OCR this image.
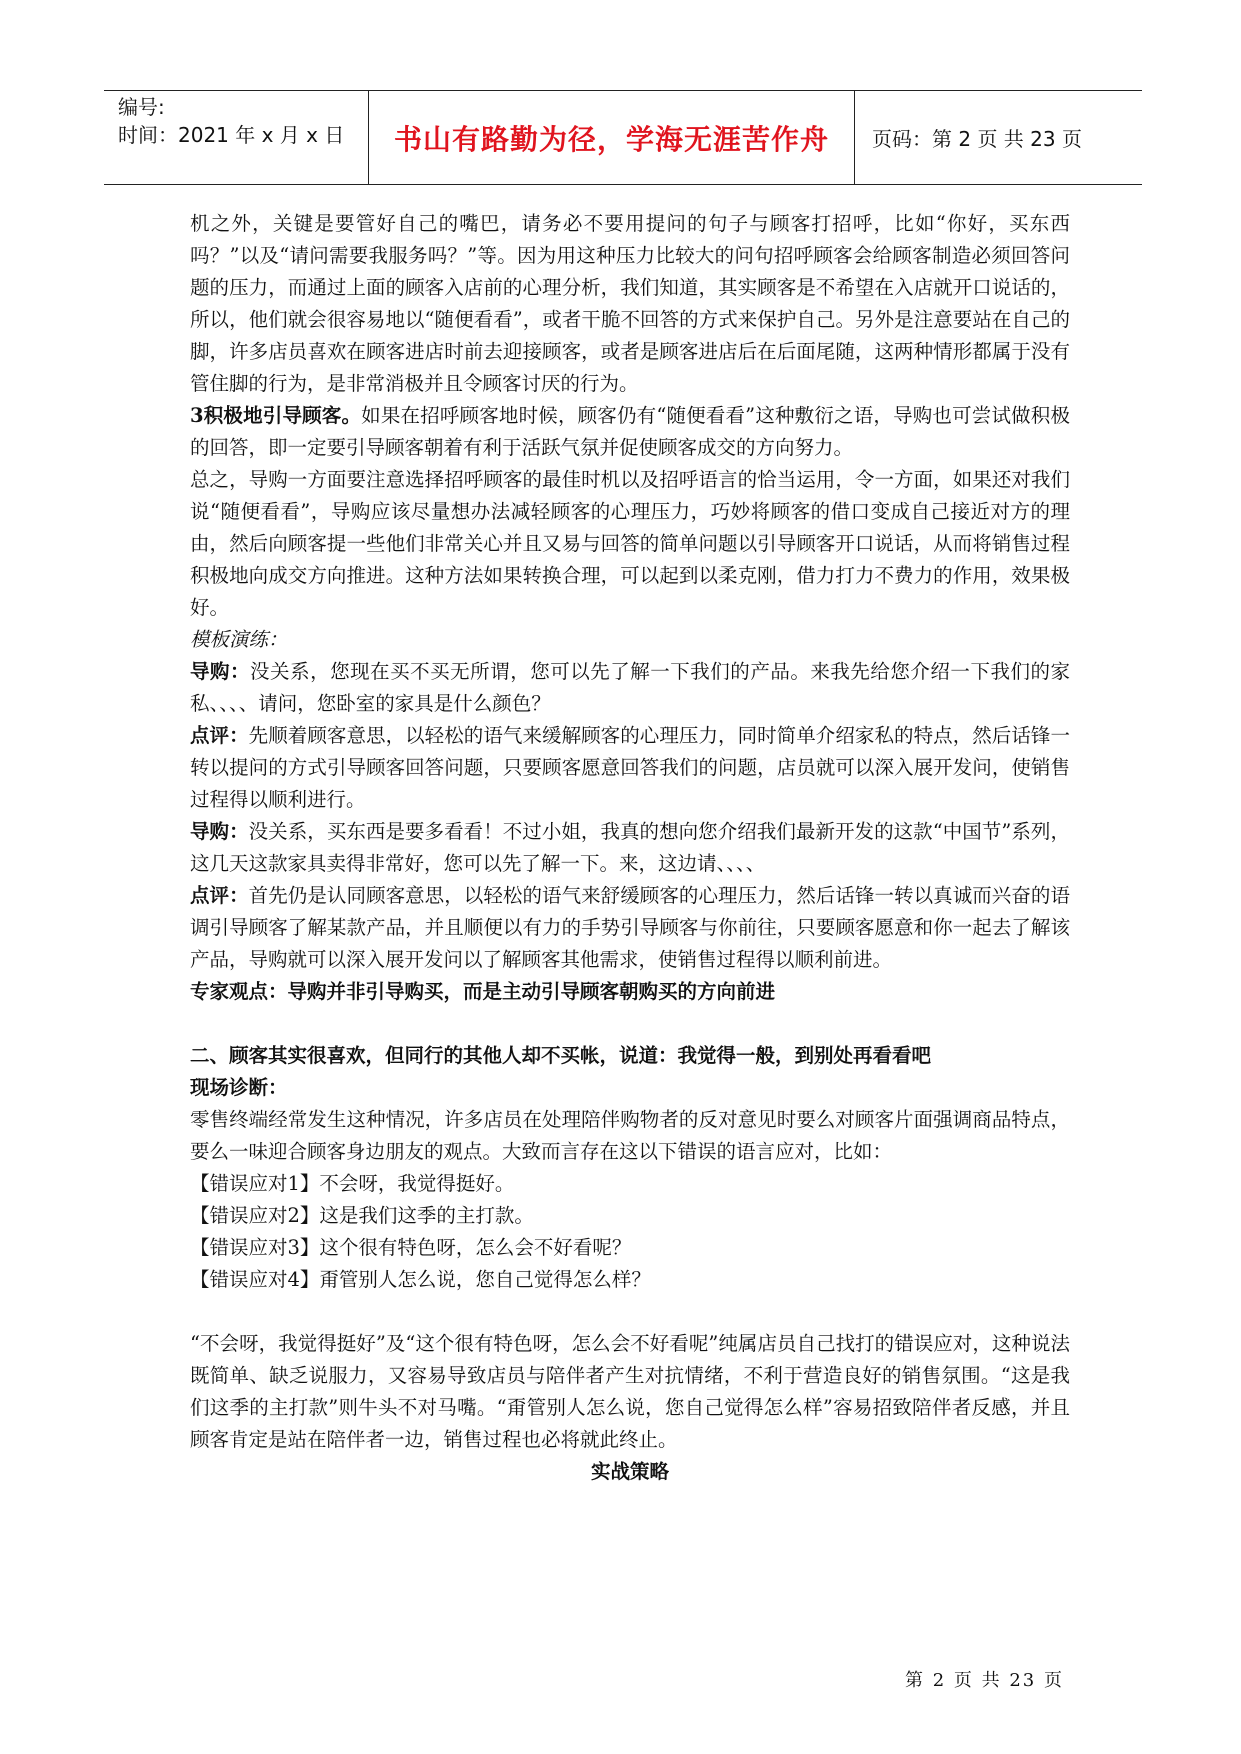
编号:
时间：2021 年 x 月 x 日 书山有路勤为径，学海无涯苦作舟 页码：第 2 页 共 23 页

机之外，关键是要管好自己的嘴巴，请务必不要用提问的句子与顾客打招呼，比如“你好，买东西吗？”以及“请问需要我服务吗？”等。因为用这种压力比较大的问句招呼顾客会给顾客制造必须回答问题的压力，而通过上面的顾客入店前的心理分析，我们知道，其实顾客是不希望在入店就开口说话的，所以，他们就会很容易地以“随便看看”，或者干脆不回答的方式来保护自己。另外是注意要站在自己的脚，许多店员喜欢在顾客进店时前去迎接顾客，或者是顾客进店后在后面尾随，这两种情形都属于没有管住脚的行为，是非常消极并且令顾客讨厌的行为。

3积极地引导顾客。如果在招呼顾客地时候，顾客仍有“随便看看”这种敷衍之语，导购也可尝试做积极的回答，即一定要引导顾客朝着有利于活跃气氛并促使顾客成交的方向努力。

总之，导购一方面要注意选择招呼顾客的最佳时机以及招呼语言的恰当运用，令一方面，如果还对我们说“随便看看”，导购应该尽量想办法减轻顾客的心理压力，巧妙将顾客的借口变成自己接近对方的理由，然后向顾客提一些他们非常关心并且又易与回答的简单问题以引导顾客开口说话，从而将销售过程积极地向成交方向推进。这种方法如果转换合理，可以起到以柔克刚，借力打力不费力的作用，效果极好。

模板演练：

导购：没关系，您现在买不买无所谓，您可以先了解一下我们的产品。来我先给您介绍一下我们的家私、、、、请问，您卧室的家具是什么颜色？

点评：先顺着顾客意思，以轻松的语气来缓解顾客的心理压力，同时简单介绍家私的特点，然后话锋一转以提问的方式引导顾客回答问题，只要顾客愿意回答我们的问题，店员就可以深入展开发问，使销售过程得以顺利进行。

导购：没关系，买东西是要多看看！不过小姐，我真的想向您介绍我们最新开发的这款“中国节”系列，这几天这款家具卖得非常好，您可以先了解一下。来，这边请、、、、

点评：首先仍是认同顾客意思，以轻松的语气来舒缓顾客的心理压力，然后话锋一转以真诚而兴奋的语调引导顾客了解某款产品，并且顺便以有力的手势引导顾客与你前往，只要顾客愿意和你一起去了解该产品，导购就可以深入展开发问以了解顾客其他需求，使销售过程得以顺利前进。

专家观点：导购并非引导购买，而是主动引导顾客朝购买的方向前进

二、顾客其实很喜欢，但同行的其他人却不买帐，说道：我觉得一般，到别处再看看吧

现场诊断：

零售终端经常发生这种情况，许多店员在处理陪伴购物者的反对意见时要么对顾客片面强调商品特点，要么一味迎合顾客身边朋友的观点。大致而言存在这以下错误的语言应对，比如：

【错误应对1】不会呀，我觉得挺好。

【错误应对2】这是我们这季的主打款。

【错误应对3】这个很有特色呀，怎么会不好看呢？

【错误应对4】甭管别人怎么说，您自己觉得怎么样？

“不会呀，我觉得挺好”及“这个很有特色呀，怎么会不好看呢”纯属店员自己找打的错误应对，这种说法既简单、缺乏说服力，又容易导致店员与陪伴者产生对抗情绪，不利于营造良好的销售氛围。“这是我们这季的主打款”则牛头不对马嘴。“甭管别人怎么说，您自己觉得怎么样”容易招致陪伴者反感，并且顾客肯定是站在陪伴者一边，销售过程也必将就此终止。

实战策略

第 2 页 共 23 页
